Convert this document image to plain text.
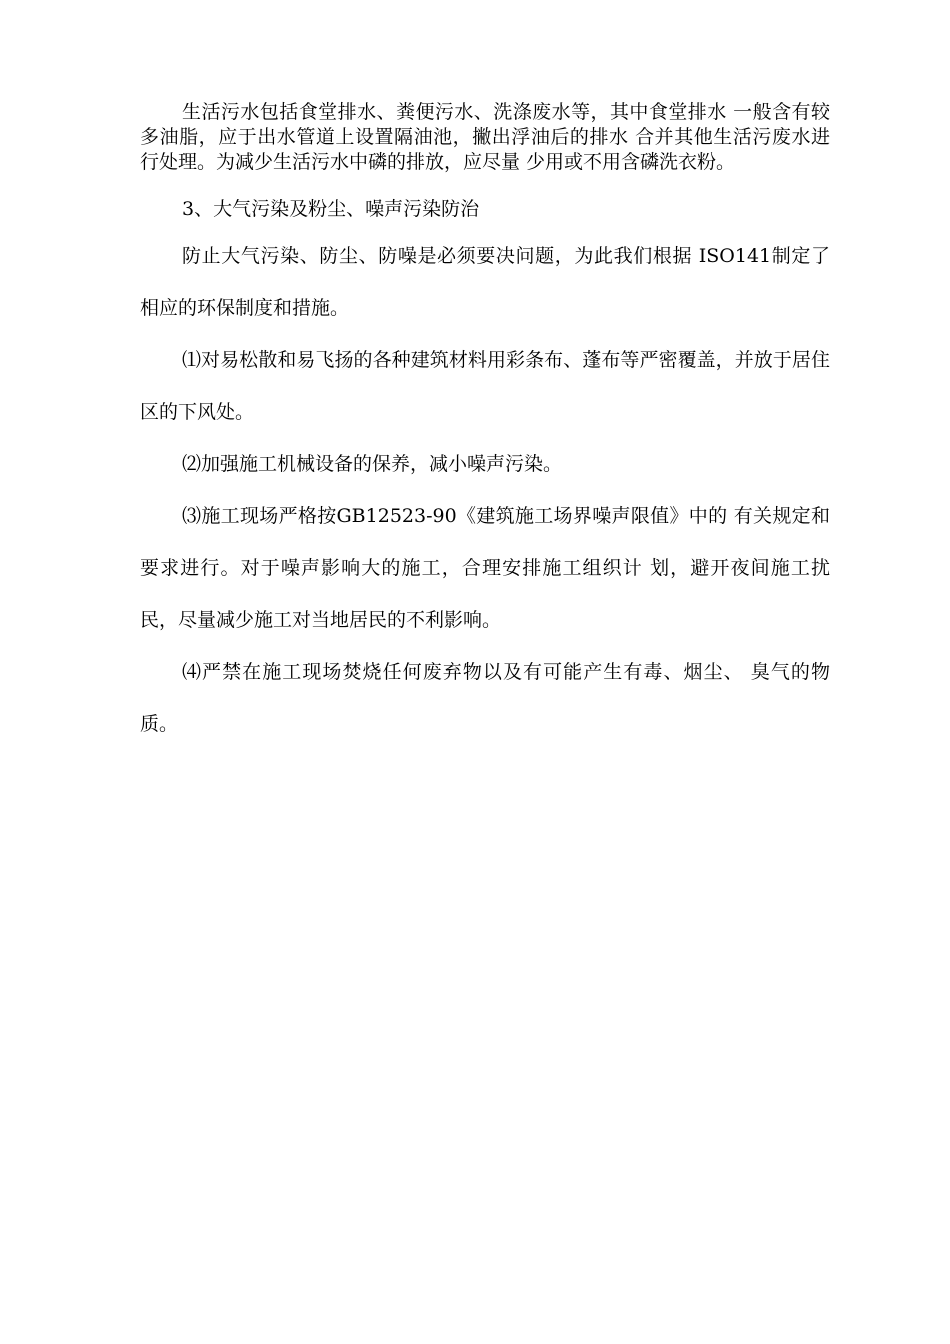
生活污水包括食堂排水、粪便污水、洗涤废水等，其中食堂排水 一般含有较多油脂，应于出水管道上设置隔油池，撇出浮油后的排水 合并其他生活污废水进行处理。为减少生活污水中磷的排放，应尽量 少用或不用含磷洗衣粉。

3、大气污染及粉尘、噪声污染防治

防止大气污染、防尘、防噪是必须要决问题，为此我们根据 ISO141制定了相应的环保制度和措施。

⑴对易松散和易飞扬的各种建筑材料用彩条布、蓬布等严密覆盖，并放于居住区的下风处。

⑵加强施工机械设备的保养，减小噪声污染。

⑶施工现场严格按GB12523-90《建筑施工场界噪声限值》中的 有关规定和要求进行。对于噪声影响大的施工，合理安排施工组织计 划，避开夜间施工扰民，尽量减少施工对当地居民的不利影响。

⑷严禁在施工现场焚烧任何废弃物以及有可能产生有毒、烟尘、 臭气的物质。
